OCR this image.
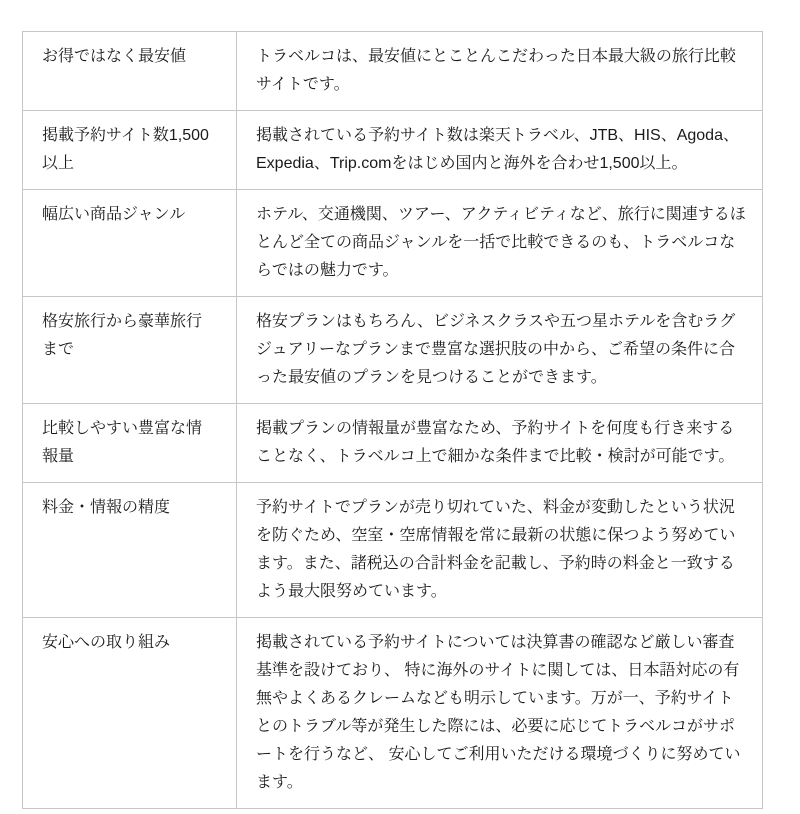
お得ではなく最安値	トラベルコは、最安値にとことんこだわった日本最大級の旅行比較サイトです。
掲載予約サイト数1,500以上	掲載されている予約サイト数は楽天トラベル、JTB、HIS、Agoda、Expedia、Trip.comをはじめ国内と海外を合わせ1,500以上。
幅広い商品ジャンル	ホテル、交通機関、ツアー、アクティビティなど、旅行に関連するほとんど全ての商品ジャンルを一括で比較できるのも、トラベルコならではの魅力です。
格安旅行から豪華旅行まで	格安プランはもちろん、ビジネスクラスや五つ星ホテルを含むラグジュアリーなプランまで豊富な選択肢の中から、ご希望の条件に合った最安値のプランを見つけることができます。
比較しやすい豊富な情報量	掲載プランの情報量が豊富なため、予約サイトを何度も行き来することなく、トラベルコ上で細かな条件まで比較・検討が可能です。
料金・情報の精度	予約サイトでプランが売り切れていた、料金が変動したという状況を防ぐため、空室・空席情報を常に最新の状態に保つよう努めています。また、諸税込の合計料金を記載し、予約時の料金と一致するよう最大限努めています。
安心への取り組み	掲載されている予約サイトについては決算書の確認など厳しい審査基準を設けており、 特に海外のサイトに関しては、日本語対応の有無やよくあるクレームなども明示しています。万が一、予約サイトとのトラブル等が発生した際には、必要に応じてトラベルコがサポートを行うなど、 安心してご利用いただける環境づくりに努めています。
